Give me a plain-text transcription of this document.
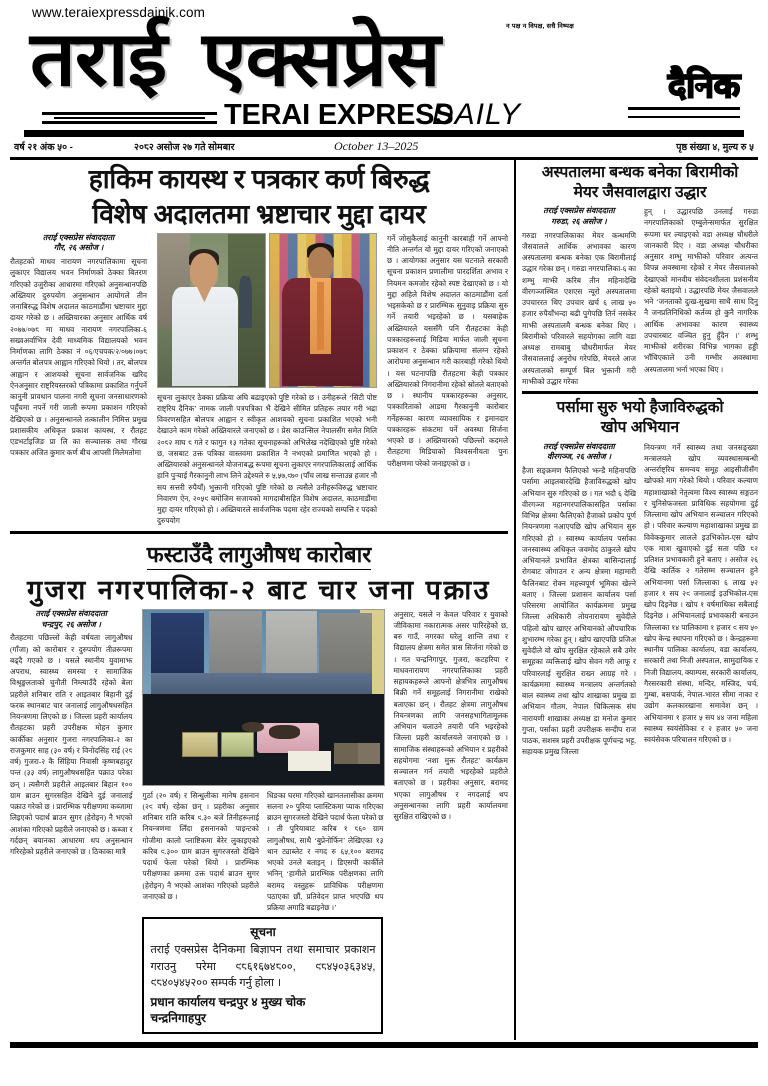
www.teraiexpressdainik.com
न पक्ष न विपक्ष, सधै निष्पक्ष
तराई एक्सप्रेस
TERAI EXPRESS
DAILY
दैनिक
वर्ष २१ अंक ५० -	२०८२ असोज २७ गते सोमबार	October 13–2025	पृष्ठ संख्या ४, मुल्य रु ५
हाकिम कायस्थ र पत्रकार कर्ण बिरुद्ध
विशेष अदालतमा भ्रष्टाचार मुद्दा दायर
तराई एक्सप्रेस संवाददाता
गौर, २६ असोज ।
रौतहटको माधव नारायण नगरपालिकामा सूचना लुकाएर विद्यालय भवन निर्माणको ठेक्का बितरण गरिएको उजुरीका आधारमा गरिएको अनुसन्धानपछि अख्तियार दुरुपयोग अनुसन्धान आयोगले तीन जनाबिरुद्ध विशेष अदालत काठमाडौंमा भ्रष्टाचार मुद्दा दायर गरेको छ । अख्तियारका अनुसार आर्थिक वर्ष २०७७/०७८ मा माधव नारायण नगरपालिका-६ सख्वअर्वाभित्र देवी माध्यमिक विद्यालयको भवन निर्माणका लागि ठेक्का नं ०६/एचपक/२/०७७।०७८ अन्तर्गत बोलपत्र आह्वान गरिएको थियो । तर, बोलपत्र आह्वान र आशयको सूचना सार्वजनिक खरिद ऐनअनुसार राष्ट्रियस्तरको पत्रिकामा प्रकाशित गर्नुपर्ने कानुनी प्रावधान पालना नगरी सूचना जनसाधारणको पहुँचमा नपर्ने गरी जाली रूपमा प्रकाशन गरिएको देखिएको छ । अनुसन्धानले तत्कालीन निमित्त प्रमुख प्रशासकीय अधिकृत प्रकाश कायस्थ, र रौतहट एडभर्टाइजिङ प्रा लि का सञ्चालक तथा गौरख पत्रकार अजित कुमार कर्ण बीच आपसी मिलेमतोमा
सूचना लुकाएर ठेक्का प्रक्रिया अघि बढाइएको पुष्टि गरेको छ । उनीहरूले ‘सिटी पोष्ट राष्ट्रिय दैनिक’ नामक जाली पत्रपत्रिका भै देखिने सीमित प्रतिहरू तयार गरी भद्रा विवरणसहित बोलपत्र आह्वान र स्वीकृत आशयको सूचना प्रकाशित भएको भनी देखाउने काम गरेको अख्तियारले जनाएको छ । प्रेस काउन्सिल नेपालसँग समेत मिलि २०८२ माघ ८ गते र फागुन १३ गतेका सूचनाहरूको अभिलेख नदेखिएको पुष्टि गरेको छ, जसबाट उक्त पत्रिका वास्तवमा प्रकाशित नै नभएको प्रमाणित भएको हो । अख्तियारको अनुसन्धानले योजनाबद्ध रूपमा सूचना लुकाएर नगरपालिकालाई आर्थिक हानि पुर्‍याई गैरकानुनी लाभ लिने उद्देश्यले रु ५,५७,९७० (पाँच लाख सन्ताउन्न हजार नौ सय सत्तरी रुपैयाँ) भुक्तानी गरिएको पुष्टि गरेको छ त्यसैले उनीहरूविरुद्ध भ्रष्टाचार निवारण ऐन, २०५९ बमोजिम सजायको मागदाबीसहित विशेष अदालत, काठमाडौंमा मुद्दा दायर गरिएको हो । अख्तियारले सार्वजनिक पदमा रहेर राज्यको सम्पत्ति र पदको दुरुपयोग
गर्ने जोसुकैलाई कानुनी कारबाही गर्ने आफ्नो नीति अन्तर्गत यो मुद्दा दायर गरिएको जनाएको छ । आयोगका अनुसार यस घटनाले सरकारी सूचना प्रकाशन प्रणालीमा पारदर्शिता अभाव र नियमन कमजोर रहेको स्पष्ट देखाएको छ । यो मुद्दा अहिले विशेष अदालत काठमाडौंमा दर्ता भइसकेको छ र प्रारम्भिक सुनुवाइ प्रक्रिया सुरु गर्ने तयारी भइरहेको छ । यसबाहेक अख्तियारले यससँगै पनि रौतहटका केही पत्रकारहरूलाई मिडिया मार्फत जाली सूचना प्रकाशन र ठेक्का प्रक्रियामा संलग्न रहेको आरोपमा अनुसन्धान गरी कारबाही गरेको थियो । यस घटनापछि रौतहटमा केही पत्रकार अख्तियारको निगरानीमा रहेको स्रोतले बताएको छ । स्थानीय पत्रकारहरूका अनुसार, पत्रकारिताको आडमा गैरकानुनी कारोबार गर्नेहरूका कारण व्यावसायिक र इमानदार पत्रकारहरू संकटमा पर्ने अवस्था सिर्जना भएको छ । अख्तियारको पछिल्लो कदमले रौतहटमा मिडियाको विश्वसनीयता पुनः परीक्षणमा परेको जनाइएको छ ।
फस्टाउँदै लागुऔषध कारोबार
गुजरा नगरपालिका-२ बाट चार जना पक्राउ
तराई एक्सप्रेस संवाददाता
चन्द्रपुर, २६ असोज ।
रौतहटमा पछिल्लो केही वर्षयता लागुऔषध (गाँजा) को कारोबार र दुरुपयोग तीव्ररूपमा बढ्दै गएको छ । यसले स्थानीय युवामाझ अपराध, स्वास्थ्य समस्या र सामाजिक विश्रृङ्खलताको चुनौती निम्त्याउँदै रहेको बेला प्रहरीले शनिबार राति र आइतबार बिहानी दुई फरक स्थानबाट चार जनालाई लागुऔषधसहित नियन्त्रणमा लिएको छ । जिल्ला प्रहरी कार्यालय रौतहटका प्रहरी उपरीक्षक मोहन कुमार कार्कीका अनुसार गुजरा नगरपालिका-२ का राजकुमार साह (३० वर्ष) र विनोदसिंह राई (२८ वर्ष) गुजरा-२ कै सिंहिया निवासी कृष्णबहादुर पन्त (३३ वर्ष) लागुऔषधसहित पक्राउ परेका छन् । त्यसैगरी प्रहरीले आइतबार बिहान १०० ग्राम ब्राउन सुगरसहित देखिने दुई जनालाई पक्राउ गरेको छ । प्रारम्भिक परीक्षणमा कब्जामा लिइएको पदार्थ ब्राउन सुगर (हेरोइन) नै भएको आशंका गरिएको प्रहरीले जनाएको छ । कब्जा र गर्दछन् बयानका आधारमा थप अनुसन्धान गरिरहेको प्रहरीले जनाएको छ । ठिकाका मात्रै
गुर्ठा (२० वर्ष) र सिन्धुलीका मानेष हसनान (२९ वर्ष) रहेका छन् । प्रहरीका अनुसार शनिबार राति करिब ९.३० बजे तिनीहरूलाई नियन्त्रणमा लिँदा हसनानको पाइन्टको गोजीमा कालो प्लाष्टिकमा बेरेर लुकाइएको करिब ९.३०० ग्राम ब्राउन सुगरजस्तो देखिने पदार्थ फेला परेको थियो । प्रारम्भिक परीक्षणका क्रममा उक्त पदार्थ ब्राउन सुगर (हेरोइन) नै भएको आशंका गरिएको प्रहरीले जनाएको छ ।
धिङका घरमा गरिएको खानतलासीका क्रममा सलना २० पुरिया प्लास्टिकमा प्याक गरिएका ब्राउन सुगरजस्तो देखिने पदार्थ फेला परेको छ । ती पुरियाबाट करिब १ ८६० ग्राम लागुऔषध, साथै ‘बुप्रेनोर्फिन’ लेखिएका १३ थान ट्याब्लेट र नगद रु ६५,१०० बरामद भएको उनले बताइन् । डिएसपी कार्कीले भनिन् ‘हामीले प्रारम्भिक परीक्षणका लागि बरामद वस्तुहरू प्राविधिक परीक्षणमा पठाएका छौं, प्रतिवेदन प्राप्त भएपछि थप प्रक्रिया अगाडि बढाइनेछ ।’
सूचना
तराई एक्सप्रेस दैनिकमा बिज्ञापन तथा समाचार प्रकाशन गराउनु परेमा ९८६१६७४८००, ९८४५०३६३४५, ९८४०५४५२०० सम्पर्क गर्नु होला ।
प्रधान कार्यालय चन्द्रपुर ४ मुख्य चोक
चन्द्रनिगाहपुर
अनुसार, यसले न केवल परिवार र युवाको जीविकामा नकारात्मक असर पारिरहेको छ, बरु गाउँ, नगरका घरेलु शान्ति तथा र विद्यालय क्षेत्रमा समेत त्रास सिर्जना गरेको छ । गत चन्द्रनिगापुर, गुजरा, कटहरिया र माधवनारायण नगरपालिकाका प्रहरी सहायकहरूले आफ्नो क्षेत्रभित्र लागुऔषध बिक्री गर्ने समूहलाई निगरानीमा राखेको बताएका छन् । रौतहट क्षेत्रमा लागुऔषध नियन्त्रणका लागि जनसहभागितामूलक अभियान चलाउने तयारी पनि भइरहेको जिल्ला प्रहरी कार्यालयले जनाएको छ । सामाजिक संस्थाहरूको अभियान र प्रहरीको सहयोगमा ‘नशा मुक्त रौतहट’ कार्यक्रम सञ्चालन गर्न तयारी भइरहेको प्रहरीले बताएको छ । प्रहरीका अनुसार, बरामद भएका लागुऔषध र नगदलाई थप अनुसन्धानका लागि प्रहरी कार्यालयमा सुरक्षित राखिएको छ ।
अस्पतालमा बन्धक बनेका बिरामीको
मेयर जैसवालद्वारा उद्धार
तराई एक्सप्रेस संवाददाता
गरुडा, २६ असोज ।
गरुडा नगरपालिकाका मेयर कन्थमणि जैसवालले आर्थिक अभावका कारण अस्पतालमा बन्धक बनेका एक बिरामीलाई उद्धार गरेका छन् । गरुडा नगरपालिका-६ का शम्भु माझी करिब तीन महिनादेखि वीरगञ्जस्थित एशएस न्यूरो अस्पतालमा उपचाररत थिए उपचार खर्च ६ लाख ५० हजार रुपैयाँभन्दा बढी पुगेपछि तिर्न नसकेर माझी अस्पतालमै बन्धक बनेका थिए । बिरामीको परिवारले सहयोगका लागि वडा अध्यक्ष रामबाबु चौधरीमार्फत मेयर जैसवाललाई अनुरोध गरेपछि, मेयरले आज अस्पतालको सम्पूर्ण बिल भुक्तानी गरी माझीको उद्धार गरेका
हुन् । उद्धारपछि उनलाई गरुडा नगरपालिकाको एम्बुलेन्समार्फत सुरक्षित रूपमा घर ल्याइएको वडा अध्यक्ष चौधरीले जानकारी दिए । वडा अध्यक्ष चौधरीका अनुसार शम्भु माझीको परिवार अत्यन्त विपन्न अवस्थामा रहेको र मेयर जैसवालको देखाएको मानवीय संवेदनशीलता प्रशंसनीय रहेको बताइयो । उद्धारपछि मेयर जैसवालले भने ‘जनताको दुःख-सुखमा साथै साथ दिनु नै जनप्रतिनिधिको कर्तव्य हो कुनै नागरिक आर्थिक अभावका कारण स्वास्थ्य उपचारबाट वञ्चित हुनु हुँदैन ।’ शम्भु माझीको शरीरका विभिन्न भागका हड्डी भाँचिएकाले उनी गम्भीर अवस्थामा अस्पतालमा भर्ना भएका थिए ।
पर्सामा सुरु भयो हैजाविरुद्धको
खोप अभियान
तराई एक्सप्रेस संवाददाता
वीरगञ्ज, २६ असोज ।
हैजा सङ्क्रमण फैलिएको झन्डै महिनापछि पर्सामा आइतबारदेखि हैजाविरुद्धको खोप अभियान सुरु गरिएको छ । गत भदौ ६ देखि वीरगञ्ज महानगरपालिकासहित पर्साका विभिन्न क्षेत्रमा फैलिएको हैजाको प्रकोप पूर्ण नियन्त्रणमा नआएपछि खोप अभियान सुरु गरिएको हो । स्वास्थ्य कार्यालय पर्साका जनस्वास्थ्य अधिकृत जवमोद ठाकुरले खोप अभियानले प्रभावित क्षेत्रका बासिन्दालाई रोगबाट जोगाउन र अन्य क्षेत्रमा महामारी फैलिनबाट रोक्न महत्त्वपूर्ण भूमिका खेल्ने बताए । जिल्ला प्रशासन कार्यालय पर्सा परिसरमा आयोजित कार्यक्रममा प्रमुख जिल्ला अधिकारी तोयनारायण सुवेदीले पहिलो खोप खाएर अभियानको औपचारिक शुभारम्भ गरेका हुन् । खोप खाएपछि प्रजिअ सुवेदीले यो खोप सुरक्षित रहेकाले सबै उमेर समूहका व्यक्तिलाई खोप सेवन गरी आफू र परिवारलाई सुरक्षित राख्न आग्रह गरे । कार्यक्रममा स्वास्थ्य मन्त्रालय अन्तर्गतको बाल स्वास्थ्य तथा खोप शाखाका प्रमुख डा अभियान गौतम, नेपाल चिकित्सक संघ नारायणी शाखाका अध्यक्ष डा मनोज कुमार गुप्ता, पर्साका प्रहरी उपरीक्षक सन्दीप राज पाठक, सशस्त्र प्रहरी उपरीक्षक पूर्णचन्द्र भट्ट, सहायक प्रमुख जिल्ला
नियन्त्रण गर्ने स्वास्थ्य तथा जनसङ्ख्या मन्त्रालयले खोप व्यवस्थासम्बन्धी अन्तर्राष्ट्रिय समन्वय समूह आइसीजीसँग खोपको माग गरेको थियो । परिवार कल्याण महाशाखाको नेतृत्वमा विश्व स्वास्थ्य सङ्गठन र युनिसेफजस्ता प्राविधिक सहयोगमा दुई जिल्लामा खोप अभियान सञ्चालन गरिएको हो । परिवार कल्याण महाशाखाका प्रमुख डा विवेककुमार लालले इउभिकोल-एस खोप एक मात्रा खुवाएको दुई सता पछि ८२ प्रतिशत प्रभावकारी हुने बताए । असोज २६ देखि कार्तिक २ गतेसम्म सञ्चालन हुने अभियानमा पर्सा जिल्लाका ६ लाख ५२ हजार १ सय २९ जनालाई इउभिकोल-एस खोप दिइनेछ । खोप १ वर्षमाथिका सबैलाई दिइनेछ । अभियानलाई प्रभावकारी बनाउन जिल्लाका १४ पालिकामा १ हजार ९ सय ५० खोप केन्द्र स्थापना गरिएको छ । केन्द्रहरूमा स्थानीय पालिका कार्यालय, वडा कार्यालय, सरकारी तथा निजी अस्पताल, सामुदायिक र निजी विद्यालय, क्याम्पस, सरकारी कार्यालय, गैरसरकारी संस्था, मन्दिर, मस्जिद, चर्च, गुम्बा, बसपार्क, नेपाल-भारत सीमा नाका र उद्योग कलकारखाना समावेश छन् । अभियानमा १ हजार ५ सय ४४ जना महिला स्वास्थ्य स्वयंसेविका र २ हजार ५० जना स्वयंसेवक परिचालन गरिएको छ ।
